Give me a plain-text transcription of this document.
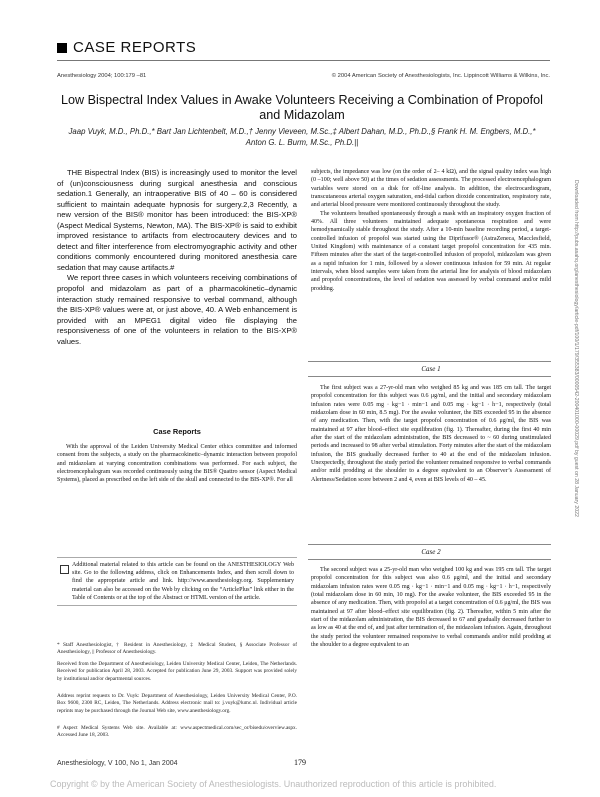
CASE REPORTS
Anesthesiology 2004; 100:179 –81	© 2004 American Society of Anesthesiologists, Inc. Lippincott Williams & Wilkins, Inc.
Low Bispectral Index Values in Awake Volunteers Receiving a Combination of Propofol and Midazolam
Jaap Vuyk, M.D., Ph.D.,* Bart Jan Lichtenbelt, M.D.,† Jenny Vieveen, M.Sc.,‡ Albert Dahan, M.D., Ph.D.,§ Frank H. M. Engbers, M.D.,* Anton G. L. Burm, M.Sc., Ph.D.||

THE Bispectral Index (BIS) is increasingly used to monitor the level of (un)consciousness during surgical anesthesia and conscious sedation.1 Generally, an intraoperative BIS of 40 – 60 is considered sufficient to maintain adequate hypnosis for surgery.2,3 Recently, a new version of the BIS® monitor has been introduced: the BIS-XP® (Aspect Medical Systems, Newton, MA). The BIS-XP® is said to exhibit improved resistance to artifacts from electrocautery devices and to detect and filter interference from electromyographic activity and other conditions commonly encountered during monitored anesthesia care sedation that may cause artifacts.#

We report three cases in which volunteers receiving combinations of propofol and midazolam as part of a pharmacokinetic–dynamic interaction study remained responsive to verbal command, although the BIS-XP® values were at, or just above, 40. A Web enhancement is provided with an MPEG1 digital video file displaying the responsiveness of one of the volunteers in relation to the BIS-XP® values.

Case Reports

With the approval of the Leiden University Medical Center ethics committee and informed consent from the subjects, a study on the pharmacokinetic–dynamic interaction between propofol and midazolam at varying concentration combinations was performed. For each subject, the electroencephalogram was recorded continuously using the BIS® Quattro sensor (Aspect Medical Systems), placed as prescribed on the left side of the skull and connected to the BIS-XP®. For all

Additional material related to this article can be found on the ANESTHESIOLOGY Web site. Go to the following address, click on Enhancements Index, and then scroll down to find the appropriate article and link. http://www.anesthesiology.org. Supplementary material can also be accessed on the Web by clicking on the “ArticlePlus” link either in the Table of Contents or at the top of the Abstract or HTML version of the article.
* Staff Anesthesiologist, † Resident in Anesthesiology, ‡ Medical Student, § Associate Professor of Anesthesiology, || Professor of Anesthesiology.
Received from the Department of Anesthesiology, Leiden University Medical Center, Leiden, The Netherlands. Received for publication April 28, 2003. Accepted for publication June 29, 2003. Support was provided solely by institutional and/or departmental sources.
Address reprint requests to Dr. Vuyk: Department of Anesthesiology, Leiden University Medical Center, P.O. Box 9600, 2300 RC, Leiden, The Netherlands. Address electronic mail to: j.vuyk@lumc.nl. Individual article reprints may be purchased through the Journal Web site, www.anesthesiology.org.
# Aspect Medical Systems Web site. Available at: www.aspectmedical.com/sec_or/bisedu/overview.aspx. Accessed June 18, 2003.

subjects, the impedance was low (on the order of 2– 4 kΩ), and the signal quality index was high (0 –100; well above 50) at the times of sedation assessments. The processed electroencephalogram variables were stored on a disk for off-line analysis. In addition, the electrocardiogram, transcutaneous arterial oxygen saturation, end-tidal carbon dioxide concentration, respiratory rate, and arterial blood pressure were monitored continuously throughout the study.

The volunteers breathed spontaneously through a mask with an inspiratory oxygen fraction of 40%. All three volunteers maintained adequate spontaneous respiration and were hemodynamically stable throughout the study. After a 10-min baseline recording period, a target-controlled infusion of propofol was started using the Diprifusor® (AstraZeneca, Macclesfield, United Kingdom) with maintenance of a constant target propofol concentration for 435 min. Fifteen minutes after the start of the target-controlled infusion of propofol, midazolam was given as a rapid infusion for 1 min, followed by a slower continuous infusion for 59 min. At regular intervals, when blood samples were taken from the arterial line for analysis of blood midazolam and propofol concentrations, the level of sedation was assessed by verbal command and/or mild prodding.

Case 1

The first subject was a 27-yr-old man who weighed 85 kg and was 185 cm tall. The target propofol concentration for this subject was 0.6 μg/ml, and the initial and secondary midazolam infusion rates were 0.05 mg · kg−1 · min−1 and 0.05 mg · kg−1 · h−1, respectively (total midazolam dose in 60 min, 8.5 mg). For the awake volunteer, the BIS exceeded 95 in the absence of any medication. Then, with the target propofol concentration of 0.6 μg/ml, the BIS was maintained at 97 after blood–effect site equilibration (fig. 1). Thereafter, during the first 40 min after the start of the midazolam administration, the BIS decreased to ~ 60 during unstimulated periods and increased to 98 after verbal stimulation. Forty minutes after the start of the midazolam infusion, the BIS gradually decreased further to 40 at the end of the midazolam infusion. Unexpectedly, throughout the study period the volunteer remained responsive to verbal commands and/or mild prodding at the shoulder to a degree equivalent to an Observer’s Assessment of Alertness/Sedation score between 2 and 4, even at BIS levels of 40 – 45.

Case 2

The second subject was a 25-yr-old man who weighed 100 kg and was 195 cm tall. The target propofol concentration for this subject was also 0.6 μg/ml, and the initial and secondary midazolam infusion rates were 0.05 mg · kg−1 · min−1 and 0.05 mg · kg−1 · h−1, respectively (total midazolam dose in 60 min, 10 mg). For the awake volunteer, the BIS exceeded 95 in the absence of any medication. Then, with propofol at a target concentration of 0.6 μg/ml, the BIS was maintained at 97 after blood–effect site equilibration (fig. 2). Thereafter, within 5 min after the start of the midazolam administration, the BIS decreased to 67 and gradually decreased further to as low as 40 at the end of, and just after termination of, the midazolam infusion. Again, throughout the study period the volunteer remained responsive to verbal commands and/or mild prodding at the shoulder to a degree equivalent to an

Anesthesiology, V 100, No 1, Jan 2004	179
Copyright © by the American Society of Anesthesiologists. Unauthorized reproduction of this article is prohibited.
Downloaded from http://pubs.asahq.org/anesthesiology/article-pdf/100/1/179/355383/0000542-200401000-00029.pdf by guest on 28 January 2022
